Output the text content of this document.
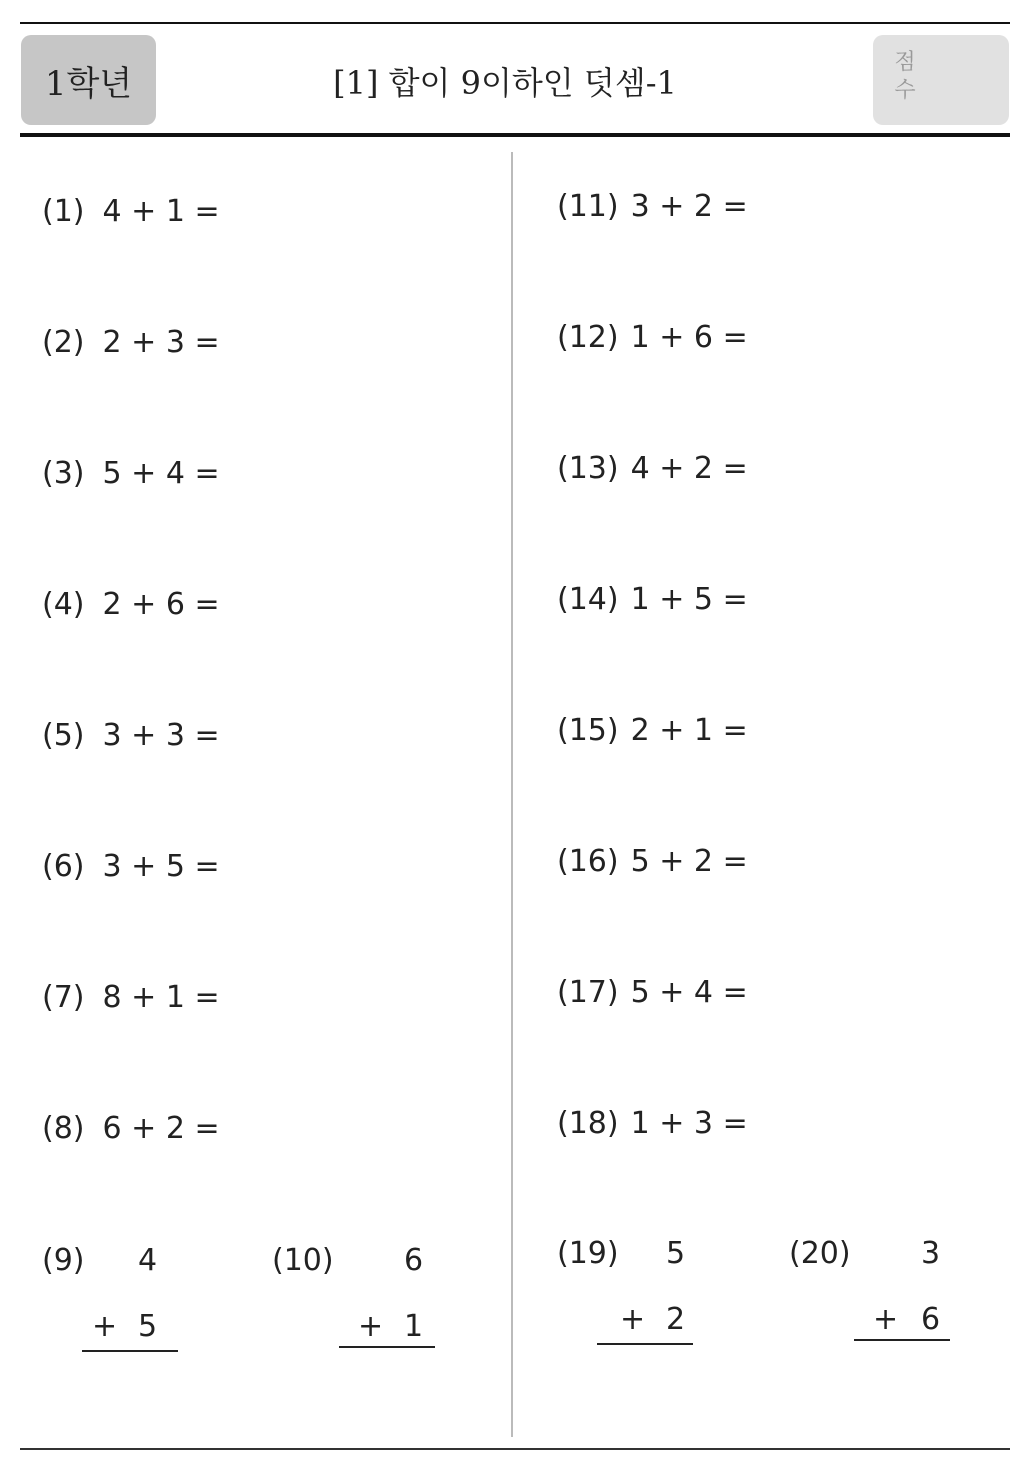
1학년	[1] 합이 9이하인 덧셈-1
점수
(1) 4 + 1 =
(2) 2 + 3 =
(3) 5 + 4 =
(4) 2 + 6 =
(5) 3 + 3 =
(6) 3 + 5 =
(7) 8 + 1 =
(8) 6 + 2 =
(11) 3 + 2 =
(12) 1 + 6 =
(13) 4 + 2 =
(14) 1 + 5 =
(15) 2 + 1 =
(16) 5 + 2 =
(17) 5 + 4 =
(18) 1 + 3 =
(9) 4
+ 5
(10) 6
+ 1
(19) 5
+ 2
(20) 3
+ 6
